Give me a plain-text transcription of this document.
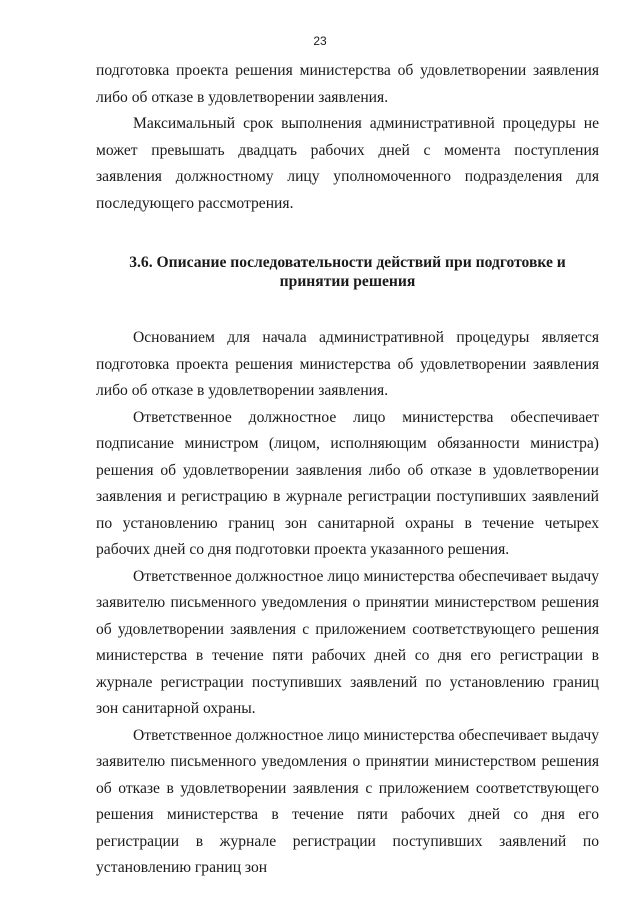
23

подготовка проекта решения министерства об удовлетворении заявления либо об отказе в удовлетворении заявления.

Максимальный срок выполнения административной процедуры не может превышать двадцать рабочих дней с момента поступления заявления должностному лицу уполномоченного подразделения для последующего рассмотрения.

3.6. Описание последовательности действий при подготовке и принятии решения

Основанием для начала административной процедуры является подготовка проекта решения министерства об удовлетворении заявления либо об отказе в удовлетворении заявления.

Ответственное должностное лицо министерства обеспечивает подписание министром (лицом, исполняющим обязанности министра) решения об удовлетворении заявления либо об отказе в удовлетворении заявления и регистрацию в журнале регистрации поступивших заявлений по установлению границ зон санитарной охраны в течение четырех рабочих дней со дня подготовки проекта указанного решения.

Ответственное должностное лицо министерства обеспечивает выдачу заявителю письменного уведомления о принятии министерством решения об удовлетворении заявления с приложением соответствующего решения министерства в течение пяти рабочих дней со дня его регистрации в журнале регистрации поступивших заявлений по установлению границ зон санитарной охраны.

Ответственное должностное лицо министерства обеспечивает выдачу заявителю письменного уведомления о принятии министерством решения об отказе в удовлетворении заявления с приложением соответствующего решения министерства в течение пяти рабочих дней со дня его регистрации в журнале регистрации поступивших заявлений по установлению границ зон
